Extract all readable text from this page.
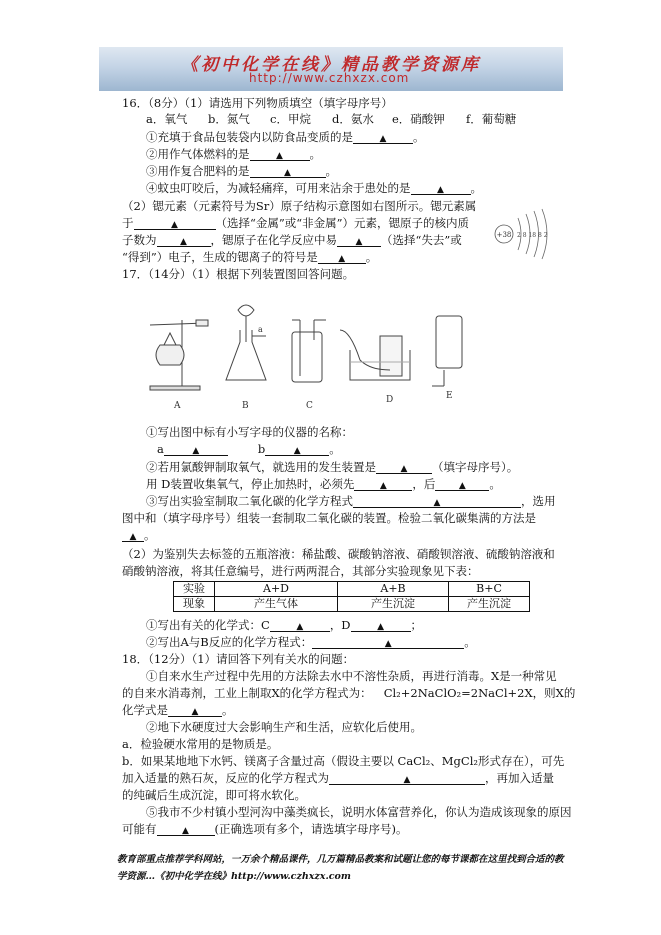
《初中化学在线》精品教学资源库
http://www.czhxzx.com
16．（8分）（1）请选用下列物质填空（填字母序号）
a．氧气 b．氮气 c．甲烷 d．氨水 e．硝酸钾 f．葡萄糖
①充填于食品包装袋内以防食品变质的是	▲ 。
②用作气体燃料的是	▲ 。
③用作复合肥料的是	▲	。
④蚊虫叮咬后，为减轻痛痒，可用来沾余于患处的是	▲ 。
（2）锶元素（元素符号为Sr）原子结构示意图如右图所示。锶元素属
于	▲	（选择“金属”或“非金属”）元素，锶原子的核内质
子数为	▲ ，锶原子在化学反应中易 ▲ （选择“失去”或
“得到”）电子，生成的锶离子的符号是 ▲ 。
+38 2 8 18 8 2
17．（14分）（1）根据下列装置图回答问题。
a
A	B	C
D	E
①写出图中标有小写字母的仪器的名称：
a	▲	b	▲ 。
②若用氯酸钾制取氧气，就选用的发生装置是	▲ （填字母序号）。
用 D装置收集氧气，停止加热时，必须先	▲ ，后	▲ 。
③写出实验室制取二氧化碳的化学方程式	▲	，选用
图中和（填字母序号）组装一套制取二氧化碳的装置。检验二氧化碳集满的方法是
▲ 。
（2）为鉴别失去标签的五瓶溶液：稀盐酸、碳酸钠溶液、硝酸钡溶液、硫酸钠溶液和
硝酸钠溶液，将其任意编号，进行两两混合，其部分实验现象见下表：
实验	A+D	A+B	B+C
现象	产生气体	产生沉淀	产生沉淀
①写出有关的化学式：C	▲ ，D	▲ ；
②写出A与B反应的化学方程式：	▲	。
18．（12分）（1）请回答下列有关水的问题：
①自来水生产过程中先用的方法除去水中不溶性杂质，再进行消毒。X是一种常见
的自来水消毒剂，工业上制取X的化学方程式为： Cl₂+2NaClO₂=2NaCl+2X，则X的
化学式是	▲ 。
②地下水硬度过大会影响生产和生活，应软化后使用。
a．检验硬水常用的是物质是。
b．如果某地地下水钙、镁离子含量过高（假设主要以 CaCl₂、MgCl₂形式存在），可先
加入适量的熟石灰，反应的化学方程式为	▲	，再加入适量
的纯碱后生成沉淀，即可将水软化。
⑤我市不少村镇小型河沟中藻类疯长，说明水体富营养化，你认为造成该现象的原因
可能有	▲ (正确选项有多个，请选填字母序号)。
教育部重点推荐学科网站，一万余个精品课件，几万篇精品教案和试题让您的每节课都在这里找到合适的教学资源…《初中化学在线》http://www.czhxzx.com
